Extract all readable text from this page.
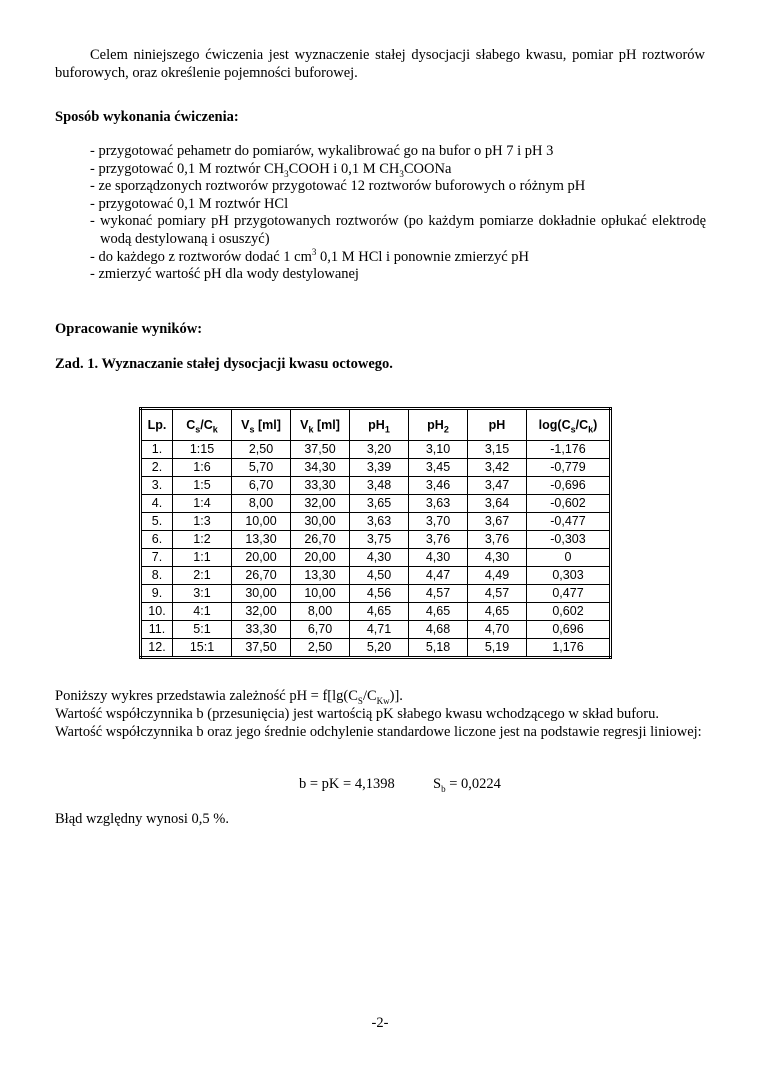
Celem niniejszego ćwiczenia jest wyznaczenie stałej dysocjacji słabego kwasu, pomiar pH roztworów buforowych, oraz określenie pojemności buforowej.

Sposób wykonania ćwiczenia:
- przygotować pehametr do pomiarów, wykalibrować go na bufor o pH 7 i pH 3
- przygotować 0,1 M roztwór $CH_3COOH$ i 0,1 M $CH_3COONa$
- ze sporządzonych roztworów przygotować 12 roztworów buforowych o różnym pH
- przygotować 0,1 M roztwór HCl
- wykonać pomiary pH przygotowanych roztworów (po każdym pomiarze dokładnie opłukać elektrodę wodą destylowaną i osuszyć)
- do każdego z roztworów dodać 1 $cm^3$ 0,1 M HCl i ponownie zmierzyć pH
- zmierzyć wartość pH dla wody destylowanej
Opracowanie wyników:
Zad. 1. Wyznaczanie stałej dysocjacji kwasu octowego.
Lp.	$C_s/C_k$	$V_s$ [ml]	$V_k$ [ml]	$pH_1$	$pH_2$	pH	$\log(C_s/C_k)$
1.	1:15	2,50	37,50	3,20	3,10	3,15	-1,176
2.	1:6	5,70	34,30	3,39	3,45	3,42	-0,779
3.	1:5	6,70	33,30	3,48	3,46	3,47	-0,696
4.	1:4	8,00	32,00	3,65	3,63	3,64	-0,602
5.	1:3	10,00	30,00	3,63	3,70	3,67	-0,477
6.	1:2	13,30	26,70	3,75	3,76	3,76	-0,303
7.	1:1	20,00	20,00	4,30	4,30	4,30	0
8.	2:1	26,70	13,30	4,50	4,47	4,49	0,303
9.	3:1	30,00	10,00	4,56	4,57	4,57	0,477
10.	4:1	32,00	8,00	4,65	4,65	4,65	0,602
11.	5:1	33,30	6,70	4,71	4,68	4,70	0,696
12.	15:1	37,50	2,50	5,20	5,18	5,19	1,176

Poniższy wykres przedstawia zależność pH = $f[\lg(C_S/C_{Kw})]$.

Wartość współczynnika b (przesunięcia) jest wartością pK słabego kwasu wchodzącego w skład buforu.

Wartość współczynnika b oraz jego średnie odchylenie standardowe liczone jest na podstawie regresji liniowej:

b = pK = 4,1398	$S_b = 0,0224$

Błąd względny wynosi 0,5 %.

-2-
